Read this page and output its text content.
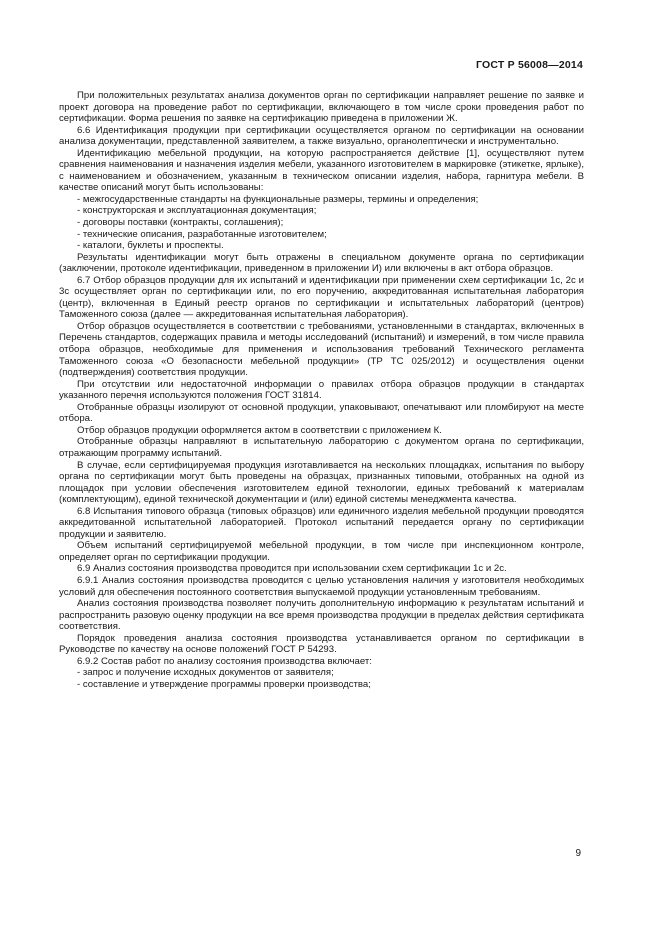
ГОСТ Р 56008—2014

При положительных результатах анализа документов орган по сертификации направляет решение по заявке и проект договора на проведение работ по сертификации, включающего в том числе сроки проведения работ по сертификации. Форма решения по заявке на сертификацию приведена в приложении Ж.

6.6 Идентификация продукции при сертификации осуществляется органом по сертификации на основании анализа документации, представленной заявителем, а также визуально, органолептически и инструментально.

Идентификацию мебельной продукции, на которую распространяется действие [1], осуществляют путем сравнения наименования и назначения изделия мебели, указанного изготовителем в маркировке (этикетке, ярлыке), с наименованием и обозначением, указанным в техническом описании изделия, набора, гарнитура мебели. В качестве описаний могут быть использованы:

- межгосударственные стандарты на функциональные размеры, термины и определения;
- конструкторская и эксплуатационная документация;
- договоры поставки (контракты, соглашения);
- технические описания, разработанные изготовителем;
- каталоги, буклеты и проспекты.

Результаты идентификации могут быть отражены в специальном документе органа по сертификации (заключении, протоколе идентификации, приведенном в приложении И) или включены в акт отбора образцов.

6.7 Отбор образцов продукции для их испытаний и идентификации при применении схем сертификации 1с, 2с и 3с осуществляет орган по сертификации или, по его поручению, аккредитованная испытательная лаборатория (центр), включенная в Единый реестр органов по сертификации и испытательных лабораторий (центров) Таможенного союза (далее — аккредитованная испытательная лаборатория).

Отбор образцов осуществляется в соответствии с требованиями, установленными в стандартах, включенных в Перечень стандартов, содержащих правила и методы исследований (испытаний) и измерений, в том числе правила отбора образцов, необходимые для применения и использования требований Технического регламента Таможенного союза «О безопасности мебельной продукции» (ТР ТС 025/2012) и осуществления оценки (подтверждения) соответствия продукции.

При отсутствии или недостаточной информации о правилах отбора образцов продукции в стандартах указанного перечня используются положения ГОСТ 31814.

Отобранные образцы изолируют от основной продукции, упаковывают, опечатывают или пломбируют на месте отбора.

Отбор образцов продукции оформляется актом в соответствии с приложением К.

Отобранные образцы направляют в испытательную лабораторию с документом органа по сертификации, отражающим программу испытаний.

В случае, если сертифицируемая продукция изготавливается на нескольких площадках, испытания по выбору органа по сертификации могут быть проведены на образцах, признанных типовыми, отобранных на одной из площадок при условии обеспечения изготовителем единой технологии, единых требований к материалам (комплектующим), единой технической документации и (или) единой системы менеджмента качества.

6.8 Испытания типового образца (типовых образцов) или единичного изделия мебельной продукции проводятся аккредитованной испытательной лабораторией. Протокол испытаний передается органу по сертификации продукции и заявителю.

Объем испытаний сертифицируемой мебельной продукции, в том числе при инспекционном контроле, определяет орган по сертификации продукции.

6.9 Анализ состояния производства проводится при использовании схем сертификации 1с и 2с.

6.9.1 Анализ состояния производства проводится с целью установления наличия у изготовителя необходимых условий для обеспечения постоянного соответствия выпускаемой продукции установленным требованиям.

Анализ состояния производства позволяет получить дополнительную информацию к результатам испытаний и распространить разовую оценку продукции на все время производства продукции в пределах действия сертификата соответствия.

Порядок проведения анализа состояния производства устанавливается органом по сертификации в Руководстве по качеству на основе положений ГОСТ Р 54293.

6.9.2 Состав работ по анализу состояния производства включает:

- запрос и получение исходных документов от заявителя;
- составление и утверждение программы проверки производства;
9
